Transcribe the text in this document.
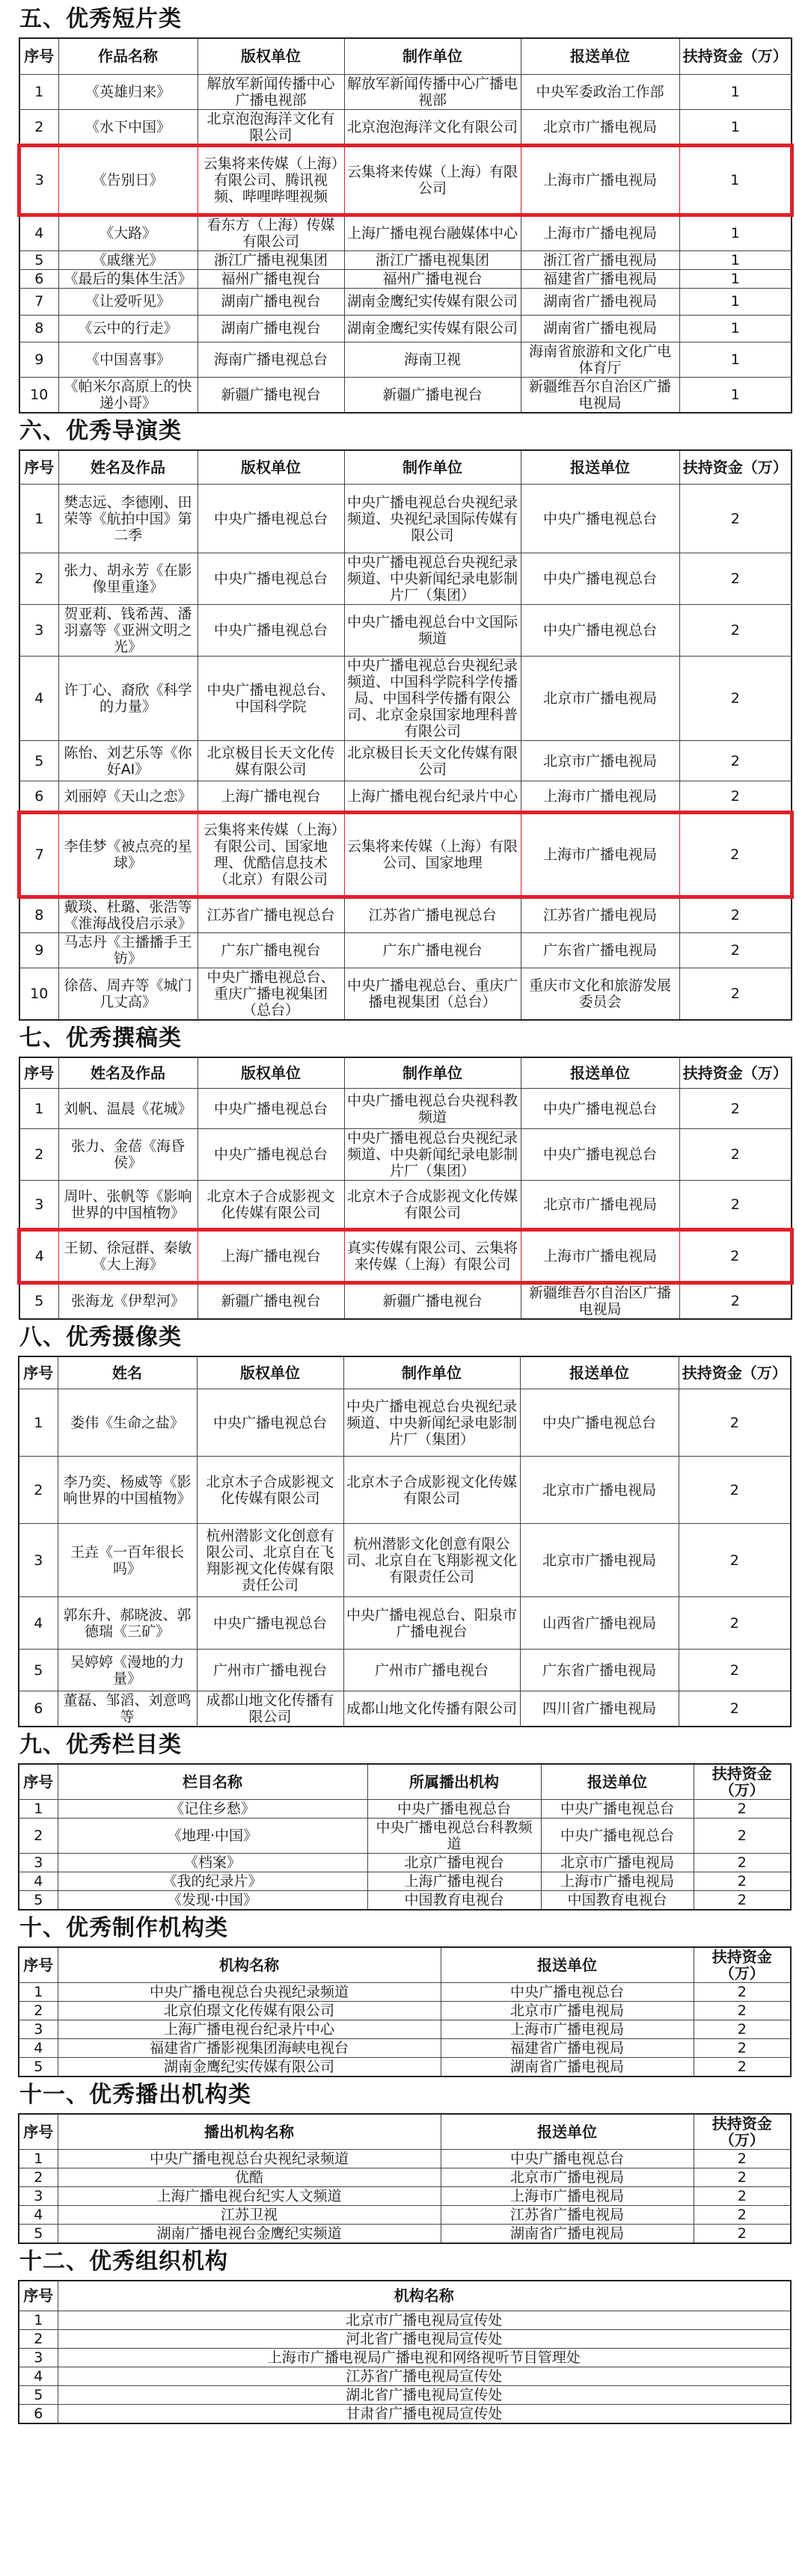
五、优秀短片类
序号	作品名称	版权单位	制作单位	报送单位	扶持资金（万）
1	《英雄归来》	解放军新闻传播中心广播电视部	解放军新闻传播中心广播电视部	中央军委政治工作部	1
2	《水下中国》	北京泡泡海洋文化有限公司	北京泡泡海洋文化有限公司	北京市广播电视局	1
3	《告别日》	云集将来传媒（上海）有限公司、腾讯视频、哔哩哔哩视频	云集将来传媒（上海）有限公司	上海市广播电视局	1
4	《大路》	看东方（上海）传媒有限公司	上海广播电视台融媒体中心	上海市广播电视局	1
5	《戚继光》	浙江广播电视集团	浙江广播电视集团	浙江省广播电视局	1
6	《最后的集体生活》	福州广播电视台	福州广播电视台	福建省广播电视局	1
7	《让爱听见》	湖南广播电视台	湖南金鹰纪实传媒有限公司	湖南省广播电视局	1
8	《云中的行走》	湖南广播电视台	湖南金鹰纪实传媒有限公司	湖南省广播电视局	1
9	《中国喜事》	海南广播电视总台	海南卫视	海南省旅游和文化广电体育厅	1
10	《帕米尔高原上的快递小哥》	新疆广播电视台	新疆广播电视台	新疆维吾尔自治区广播电视局	1
六、优秀导演类
序号	姓名及作品	版权单位	制作单位	报送单位	扶持资金（万）
1	樊志远、李德刚、田荣等《航拍中国》第二季	中央广播电视总台	中央广播电视总台央视纪录频道、央视纪录国际传媒有限公司	中央广播电视总台	2
2	张力、胡永芳《在影像里重逢》	中央广播电视总台	中央广播电视总台央视纪录频道、中央新闻纪录电影制片厂（集团）	中央广播电视总台	2
3	贺亚莉、钱希茜、潘羽嘉等《亚洲文明之光》	中央广播电视总台	中央广播电视总台中文国际频道	中央广播电视总台	2
4	许丁心、裔欣《科学的力量》	中央广播电视总台、中国科学院	中央广播电视总台央视纪录频道、中国科学院科学传播局、中国科学传播有限公司、北京金泉国家地理科普有限公司	北京市广播电视局	2
5	陈怡、刘艺乐等《你好AI》	北京极目长天文化传媒有限公司	北京极目长天文化传媒有限公司	北京市广播电视局	2
6	刘丽婷《天山之恋》	上海广播电视台	上海广播电视台纪录片中心	上海市广播电视局	2
7	李佳梦《被点亮的星球》	云集将来传媒（上海）有限公司、国家地理、优酷信息技术（北京）有限公司	云集将来传媒（上海）有限公司、国家地理	上海市广播电视局	2
8	戴琰、杜璐、张浩等《淮海战役启示录》	江苏省广播电视总台	江苏省广播电视总台	江苏省广播电视局	2
9	马志丹《主播播手王钫》	广东广播电视台	广东广播电视台	广东省广播电视局	2
10	徐蓓、周卉等《城门几丈高》	中央广播电视总台、重庆广播电视集团（总台）	中央广播电视总台、重庆广播电视集团（总台）	重庆市文化和旅游发展委员会	2
七、优秀撰稿类
序号	姓名及作品	版权单位	制作单位	报送单位	扶持资金（万）
1	刘帆、温晨《花城》	中央广播电视总台	中央广播电视总台央视科教频道	中央广播电视总台	2
2	张力、金蓓《海昏侯》	中央广播电视总台	中央广播电视总台央视纪录频道、中央新闻纪录电影制片厂（集团）	中央广播电视总台	2
3	周叶、张帆等《影响世界的中国植物》	北京木子合成影视文化传媒有限公司	北京木子合成影视文化传媒有限公司	北京市广播电视局	2
4	王韧、徐冠群、秦敏《大上海》	上海广播电视台	真实传媒有限公司、云集将来传媒（上海）有限公司	上海市广播电视局	2
5	张海龙《伊犁河》	新疆广播电视台	新疆广播电视台	新疆维吾尔自治区广播电视局	2
八、优秀摄像类
序号	姓名	版权单位	制作单位	报送单位	扶持资金（万）
1	娄伟《生命之盐》	中央广播电视总台	中央广播电视总台央视纪录频道、中央新闻纪录电影制片厂（集团）	中央广播电视总台	2
2	李乃奕、杨威等《影响世界的中国植物》	北京木子合成影视文化传媒有限公司	北京木子合成影视文化传媒有限公司	北京市广播电视局	2
3	王垚《一百年很长吗》	杭州潜影文化创意有限公司、北京自在飞翔影视文化传媒有限责任公司	杭州潜影文化创意有限公司、北京自在飞翔影视文化有限责任公司	北京市广播电视局	2
4	郭东升、郝晓波、郭德瑞《三矿》	中央广播电视总台	中央广播电视总台、阳泉市广播电视台	山西省广播电视局	2
5	吴婷婷《漫地的力量》	广州市广播电视台	广州市广播电视台	广东省广播电视局	2
6	董磊、邹滔、刘意鸣等	成都山地文化传播有限公司	成都山地文化传播有限公司	四川省广播电视局	2
九、优秀栏目类
序号	栏目名称	所属播出机构	报送单位	扶持资金（万）
1	《记住乡愁》	中央广播电视总台	中央广播电视总台	2
2	《地理·中国》	中央广播电视总台科教频道	中央广播电视总台	2
3	《档案》	北京广播电视台	北京市广播电视局	2
4	《我的纪录片》	上海广播电视台	上海市广播电视局	2
5	《发现·中国》	中国教育电视台	中国教育电视台	2
十、优秀制作机构类
序号	机构名称	报送单位	扶持资金（万）
1	中央广播电视总台央视纪录频道	中央广播电视总台	2
2	北京伯璟文化传媒有限公司	北京市广播电视局	2
3	上海广播电视台纪录片中心	上海市广播电视局	2
4	福建省广播影视集团海峡电视台	福建省广播电视局	2
5	湖南金鹰纪实传媒有限公司	湖南省广播电视局	2
十一、优秀播出机构类
序号	播出机构名称	报送单位	扶持资金（万）
1	中央广播电视总台央视纪录频道	中央广播电视总台	2
2	优酷	北京市广播电视局	2
3	上海广播电视台纪实人文频道	上海市广播电视局	2
4	江苏卫视	江苏省广播电视局	2
5	湖南广播电视台金鹰纪实频道	湖南省广播电视局	2
十二、优秀组织机构
序号	机构名称
1	北京市广播电视局宣传处
2	河北省广播电视局宣传处
3	上海市广播电视局广播电视和网络视听节目管理处
4	江苏省广播电视局宣传处
5	湖北省广播电视局宣传处
6	甘肃省广播电视局宣传处
